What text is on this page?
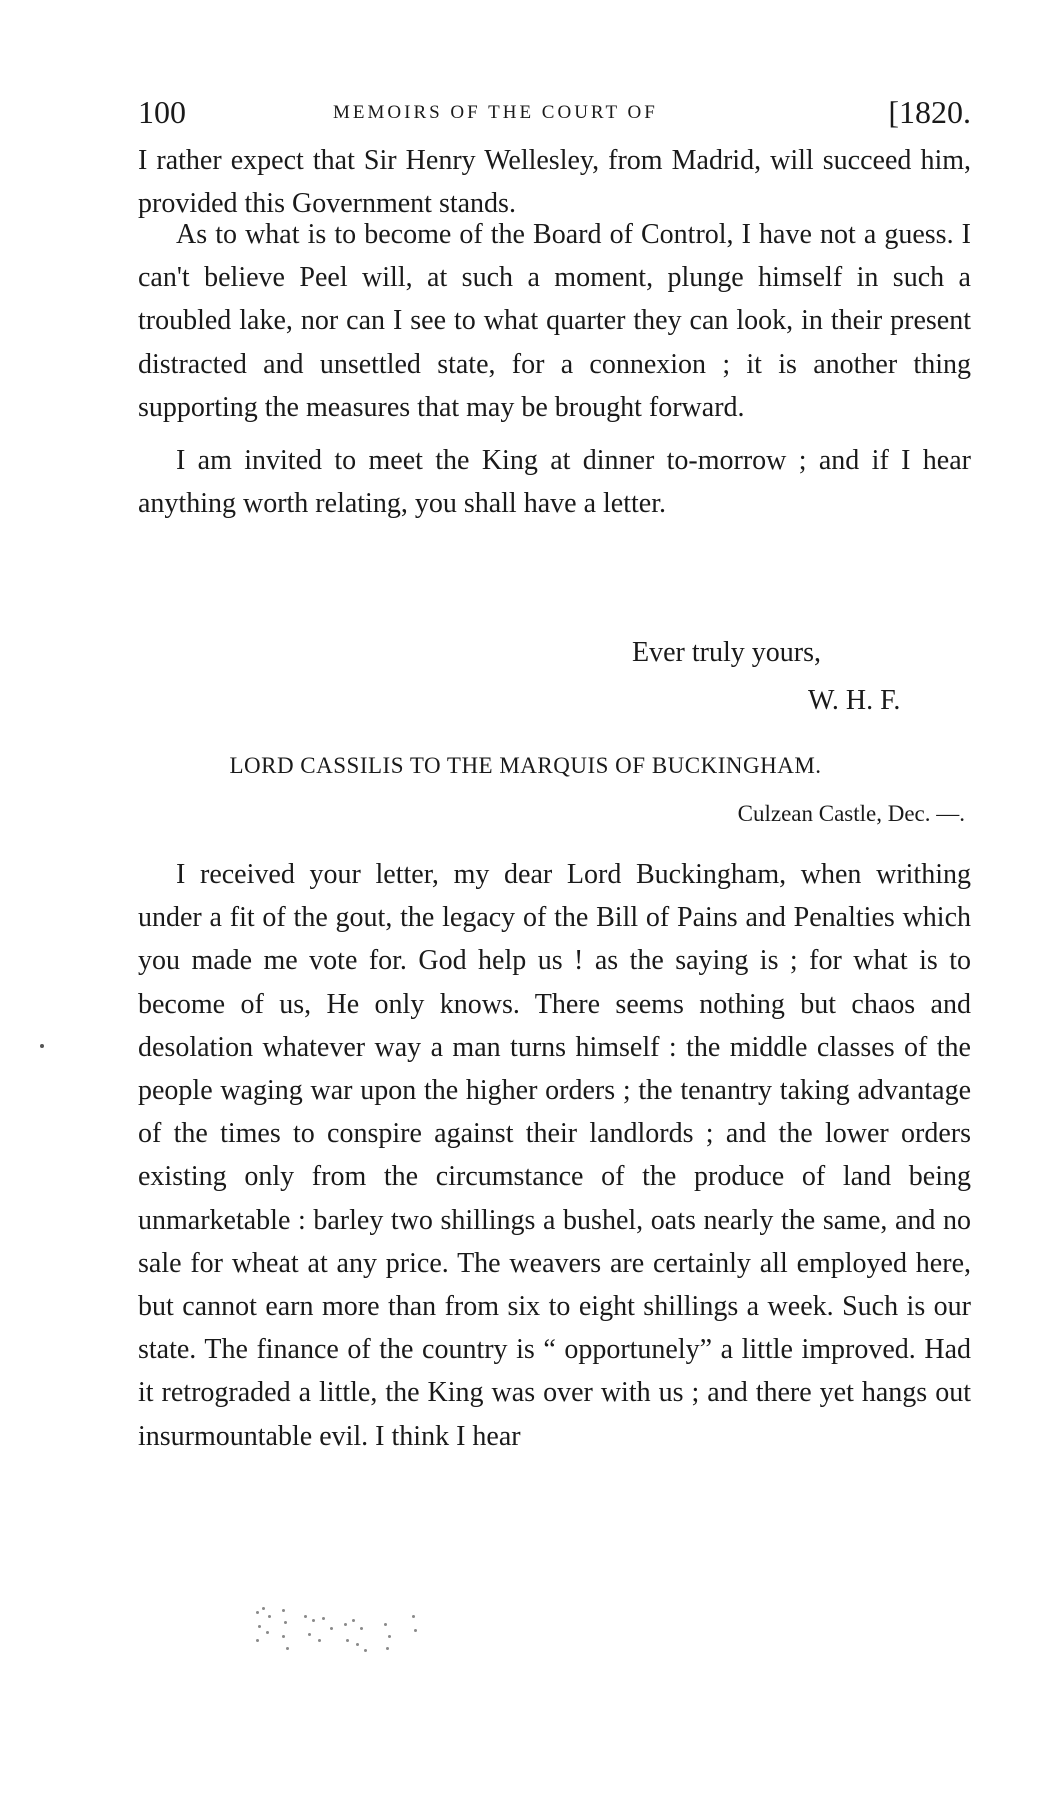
100	MEMOIRS OF THE COURT OF	[1820.

I rather expect that Sir Henry Wellesley, from Madrid, will succeed him, provided this Government stands.

As to what is to become of the Board of Control, I have not a guess. I can't believe Peel will, at such a moment, plunge himself in such a troubled lake, nor can I see to what quarter they can look, in their present distracted and unsettled state, for a connexion ; it is another thing supporting the measures that may be brought forward.

I am invited to meet the King at dinner to-morrow ; and if I hear anything worth relating, you shall have a letter.

Ever truly yours,
W. H. F.
LORD CASSILIS TO THE MARQUIS OF BUCKINGHAM.
Culzean Castle, Dec. —.

I received your letter, my dear Lord Buckingham, when writhing under a fit of the gout, the legacy of the Bill of Pains and Penalties which you made me vote for. God help us ! as the saying is ; for what is to become of us, He only knows. There seems nothing but chaos and desolation whatever way a man turns himself : the middle classes of the people waging war upon the higher orders ; the tenantry taking advantage of the times to conspire against their landlords ; and the lower orders existing only from the circumstance of the produce of land being unmarketable : barley two shillings a bushel, oats nearly the same, and no sale for wheat at any price. The weavers are certainly all employed here, but cannot earn more than from six to eight shillings a week. Such is our state. The finance of the country is “ opportunely” a little improved. Had it retrograded a little, the King was over with us ; and there yet hangs out insurmountable evil. I think I hear
